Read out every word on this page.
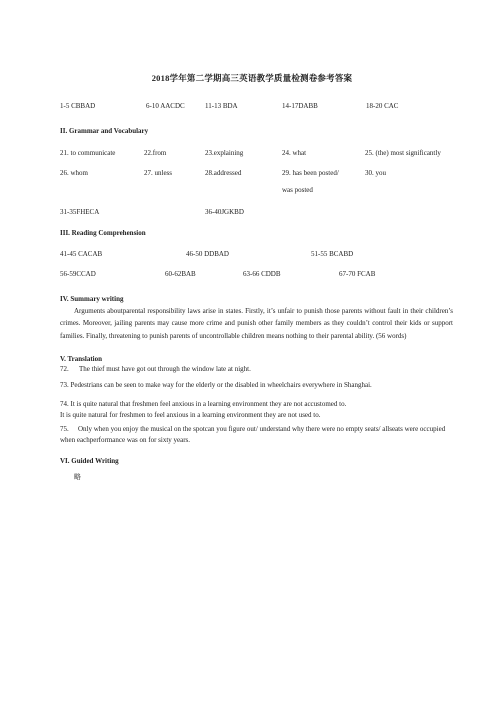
2018学年第二学期高三英语教学质量检测卷参考答案
1-5 CBBAD	6-10 AACDC	11-13 BDA	14-17DABB	18-20 CAC
II. Grammar and Vocabulary
21. to communicate	22.from	23.explaining	24. what	25. (the) most significantly
26. whom	27. unless	28.addressed	29. has been posted/	30. you
was posted
31-35FHECA	36-40JGKBD
III. Reading Comprehension
41-45 CACAB	46-50 DDBAD	51-55 BCABD
56-59CCAD	60-62BAB	63-66 CDDB	67-70 FCAB
IV. Summary writing
Arguments aboutparental responsibility laws arise in states. Firstly, it’s unfair to punish those parents without fault in their children’s crimes. Moreover, jailing parents may cause more crime and punish other family members as they couldn’t control their kids or support families. Finally, threatening to punish parents of uncontrollable children means nothing to their parental ability. (56 words)
V. Translation
72. The thief must have got out through the window late at night.
73. Pedestrians can be seen to make way for the elderly or the disabled in wheelchairs everywhere in Shanghai.
74. It is quite natural that freshmen feel anxious in a learning environment they are not accustomed to.
It is quite natural for freshmen to feel anxious in a learning environment they are not used to.
75. Only when you enjoy the musical on the spotcan you figure out/ understand why there were no empty seats/ allseats were occupied when eachperformance was on for sixty years.
VI. Guided Writing
略
